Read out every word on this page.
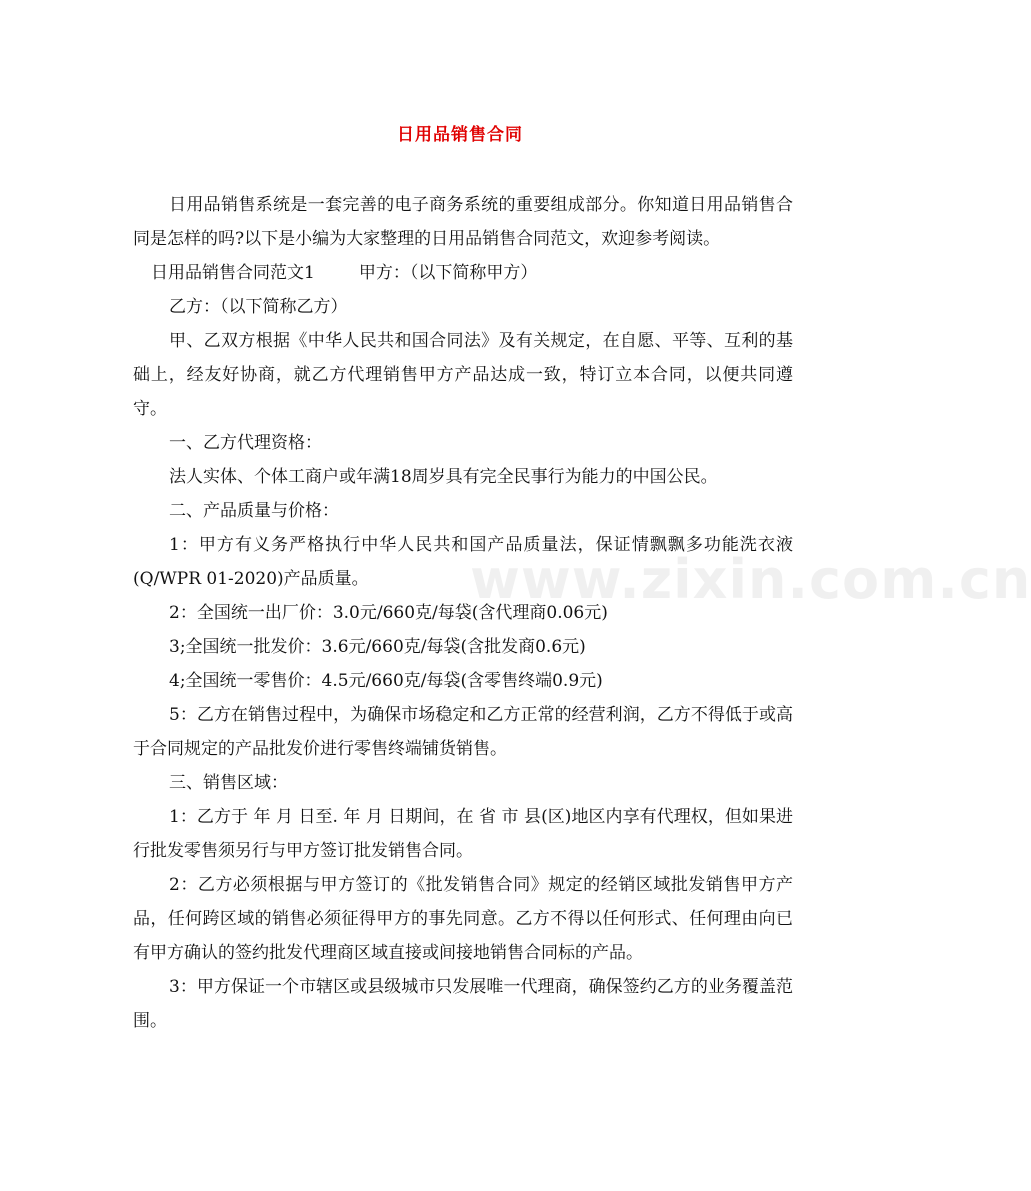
日用品销售合同
www.zixin.com.cn

日用品销售系统是一套完善的电子商务系统的重要组成部分。你知道日用品销售合同是怎样的吗?以下是小编为大家整理的日用品销售合同范文，欢迎参考阅读。

日用品销售合同范文1	甲方：（以下简称甲方）

乙方：（以下简称乙方）

甲、乙双方根据《中华人民共和国合同法》及有关规定，在自愿、平等、互利的基础上，经友好协商，就乙方代理销售甲方产品达成一致，特订立本合同，以便共同遵守。

一、乙方代理资格：

法人实体、个体工商户或年满18周岁具有完全民事行为能力的中国公民。

二、产品质量与价格：

1：甲方有义务严格执行中华人民共和国产品质量法，保证情飘飘多功能洗衣液(Q/WPR 01-2020)产品质量。

2：全国统一出厂价：3.0元/660克/每袋(含代理商0.06元)

3;全国统一批发价：3.6元/660克/每袋(含批发商0.6元)

4;全国统一零售价：4.5元/660克/每袋(含零售终端0.9元)

5：乙方在销售过程中，为确保市场稳定和乙方正常的经营利润，乙方不得低于或高于合同规定的产品批发价进行零售终端铺货销售。

三、销售区域：

1：乙方于 年 月 日至. 年 月 日期间，在 省 市 县(区)地区内享有代理权，但如果进行批发零售须另行与甲方签订批发销售合同。

2：乙方必须根据与甲方签订的《批发销售合同》规定的经销区域批发销售甲方产品，任何跨区域的销售必须征得甲方的事先同意。乙方不得以任何形式、任何理由向已有甲方确认的签约批发代理商区域直接或间接地销售合同标的产品。

3：甲方保证一个市辖区或县级城市只发展唯一代理商，确保签约乙方的业务覆盖范围。
